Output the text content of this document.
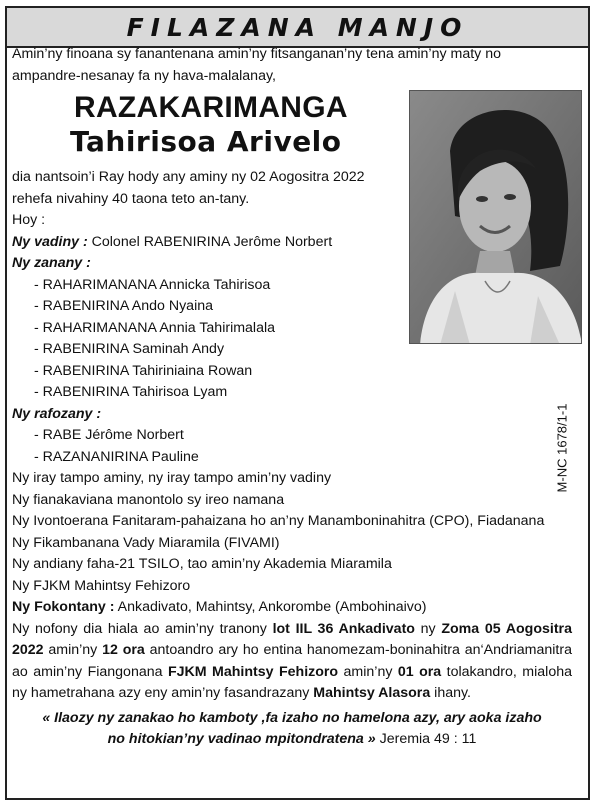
FILAZANA MANJO
M-NC 1678/1-1

Amin’ny finoana sy fanantenana amin’ny fitsanganan’ny tena amin’ny maty no ampandre-nesanay fa ny hava-malalanay,

RAZAKARIMANGA
Tahirisoa Arivelo

dia nantsoin’i Ray hody any aminy ny 02 Aogositra 2022

rehefa nivahiny 40 taona teto an-tany.

Hoy :

Ny vadiny : Colonel RABENIRINA Jerôme Norbert

Ny zanany :

- RAHARIMANANA Annicka Tahirisoa

- RABENIRINA Ando Nyaina

- RAHARIMANANA Annia Tahirimalala

- RABENIRINA Saminah Andy

- RABENIRINA Tahiriniaina Rowan

- RABENIRINA Tahirisoa Lyam

Ny rafozany :

- RABE Jérôme Norbert

- RAZANANIRINA Pauline

Ny iray tampo aminy, ny iray tampo amin’ny vadiny

Ny fianakaviana manontolo sy ireo namana

Ny Ivontoerana Fanitaram-pahaizana ho an’ny Manamboninahitra (CPO), Fiadanana

Ny Fikambanana Vady Miaramila (FIVAMI)

Ny andiany faha-21 TSILO, tao amin’ny Akademia Miaramila

Ny FJKM Mahintsy Fehizoro

Ny Fokontany : Ankadivato, Mahintsy, Ankorombe (Ambohinaivo)

Ny nofony dia hiala ao amin’ny tranony lot IIL 36 Ankadivato ny Zoma 05 Aogositra 2022 amin’ny 12 ora antoandro ary ho entina hanomezam-boninahitra an‘Andriamanitra ao amin’ny Fiangonana FJKM Mahintsy Fehizoro amin’ny 01 ora tolakandro, mialoha ny hametrahana azy eny amin’ny fasandrazany Mahintsy Alasora ihany.

« Ilaozy ny zanakao ho kamboty ,fa izaho no hamelona azy, ary aoka izaho
no hitokian’ny vadinao mpitondratena » Jeremia 49 : 11
